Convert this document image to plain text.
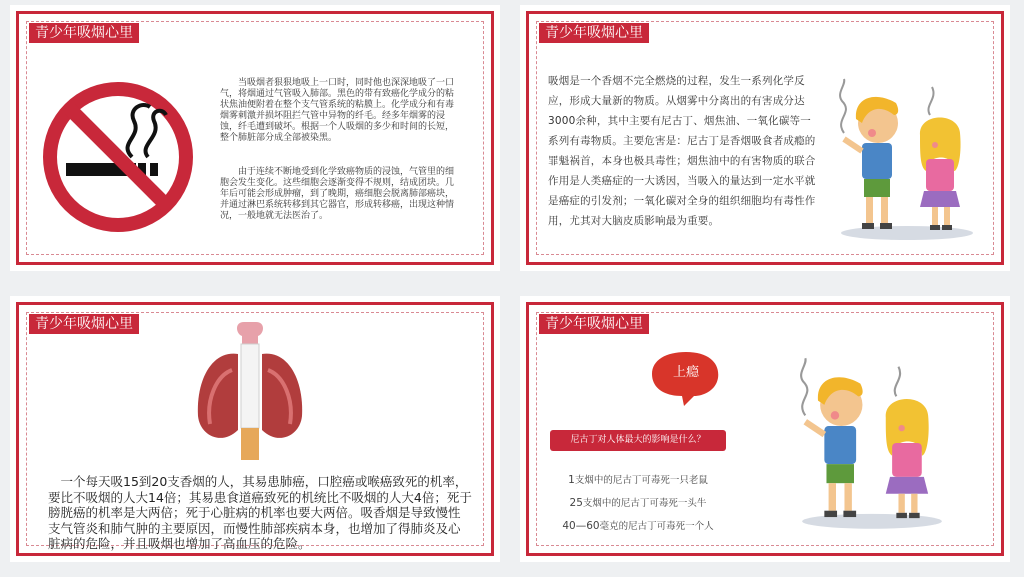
青少年吸烟心里
当吸烟者狠狠地吸上一口时，同时他也深深地吸了一口气，将烟通过气管吸入肺部。黑色的带有致癌化学成分的粘状焦油便附着在整个支气管系统的粘膜上。化学成分和有毒烟雾刺激并损坏阻拦气管中异物的纤毛。经多年烟雾的浸蚀，纤毛遭到破坏。根据一个人吸烟的多少和时间的长短，整个肺脏部分成全部被染黑。
由于连续不断地受到化学致癌物质的浸蚀，气管里的细胞会发生变化。这些细胞会逐渐变得不规则，结成团块。几年后可能会形成肿瘤，到了晚期，癌细胞会脱离肺部癌块，并通过淋巴系统转移到其它器官，形成转移癌，出现这种情况，一般地就无法医治了。
青少年吸烟心里
吸烟是一个香烟不完全燃烧的过程，发生一系列化学反应，形成大量新的物质。从烟雾中分离出的有害成分达3000余种，其中主要有尼古丁、烟焦油、一氧化碳等一系列有毒物质。主要危害是：尼古丁是香烟吸食者成瘾的罪魁祸首，本身也极具毒性；烟焦油中的有害物质的联合作用是人类癌症的一大诱因，当吸入的量达到一定水平就是癌症的引发剂；一氧化碳对全身的组织细胞均有毒性作用，尤其对大脑皮质影响最为重要。
青少年吸烟心里
一个每天吸15到20支香烟的人，其易患肺癌，口腔癌或喉癌致死的机率，要比不吸烟的人大14倍；其易患食道癌致死的机统比不吸烟的人大4倍；死于膀胱癌的机率是大两倍；死于心脏病的机率也要大两倍。吸香烟是导致慢性支气管炎和肺气肿的主要原因，而慢性肺部疾病本身，也增加了得肺炎及心脏病的危险，并且吸烟也增加了高血压的危险。
青少年吸烟心里
上瘾
尼古丁对人体最大的影响是什么？
1支烟中的尼古丁可毒死一只老鼠
25支烟中的尼古丁可毒死一头牛
40—60毫克的尼古丁可毒死一个人
